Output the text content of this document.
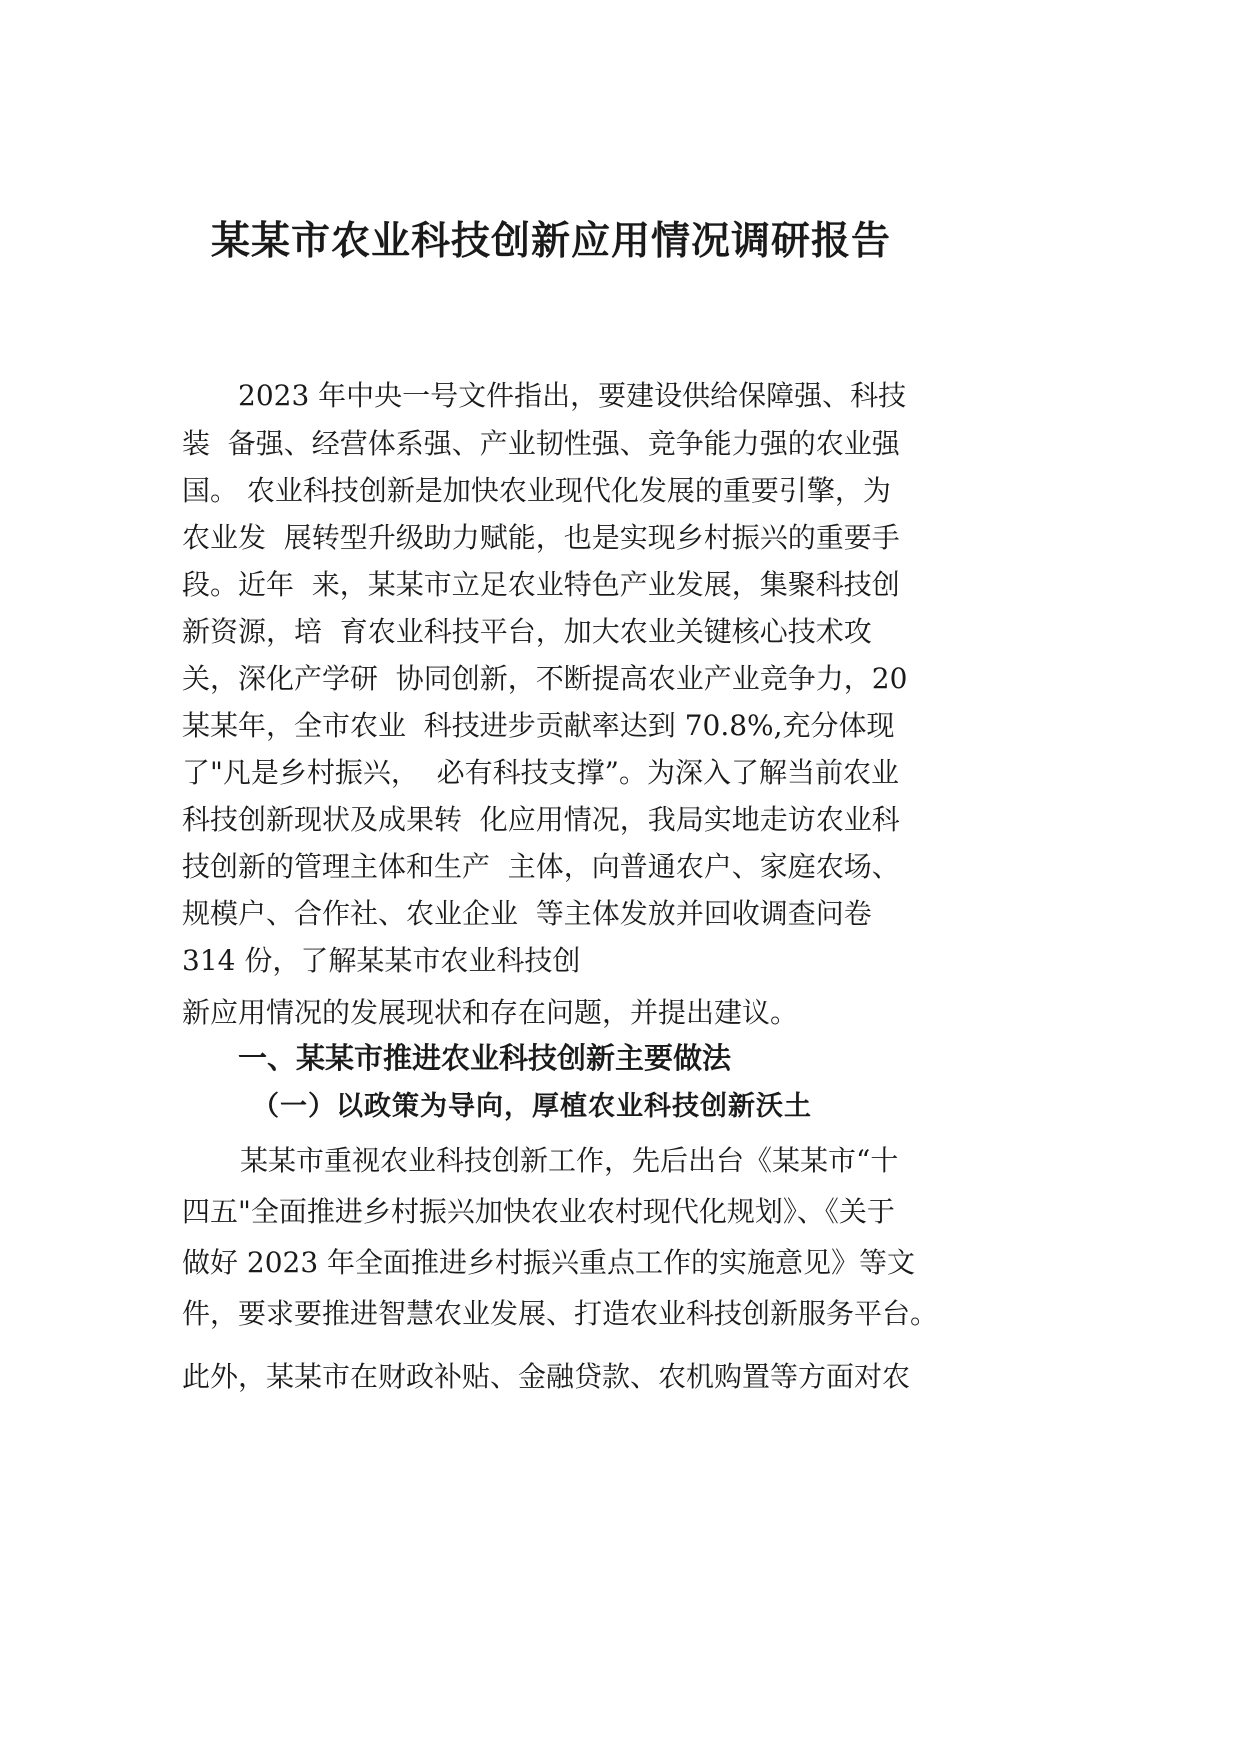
某某市农业科技创新应用情况调研报告

2023 年中央一号文件指出，要建设供给保障强、科技

装  备强、经营体系强、产业韧性强、竞争能力强的农业强

国。 农业科技创新是加快农业现代化发展的重要引擎，为

农业发  展转型升级助力赋能，也是实现乡村振兴的重要手

段。近年  来，某某市立足农业特色产业发展，集聚科技创

新资源，培  育农业科技平台，加大农业关键核心技术攻

关，深化产学研  协同创新，不断提高农业产业竞争力，20

某某年，全市农业  科技进步贡献率达到 70.8%,充分体现

了"凡是乡村振兴，  必有科技支撑”。为深入了解当前农业

科技创新现状及成果转  化应用情况，我局实地走访农业科

技创新的管理主体和生产  主体，向普通农户、家庭农场、

规模户、合作社、农业企业  等主体发放并回收调查问卷

314 份，了解某某市农业科技创

新应用情况的发展现状和存在问题，并提出建议。

一、某某市推进农业科技创新主要做法
（一）以政策为导向，厚植农业科技创新沃土

某某市重视农业科技创新工作，先后出台《某某市“十

四五"全面推进乡村振兴加快农业农村现代化规划》、《关于

做好 2023 年全面推进乡村振兴重点工作的实施意见》等文

件，要求要推进智慧农业发展、打造农业科技创新服务平台。

此外，某某市在财政补贴、金融贷款、农机购置等方面对农
